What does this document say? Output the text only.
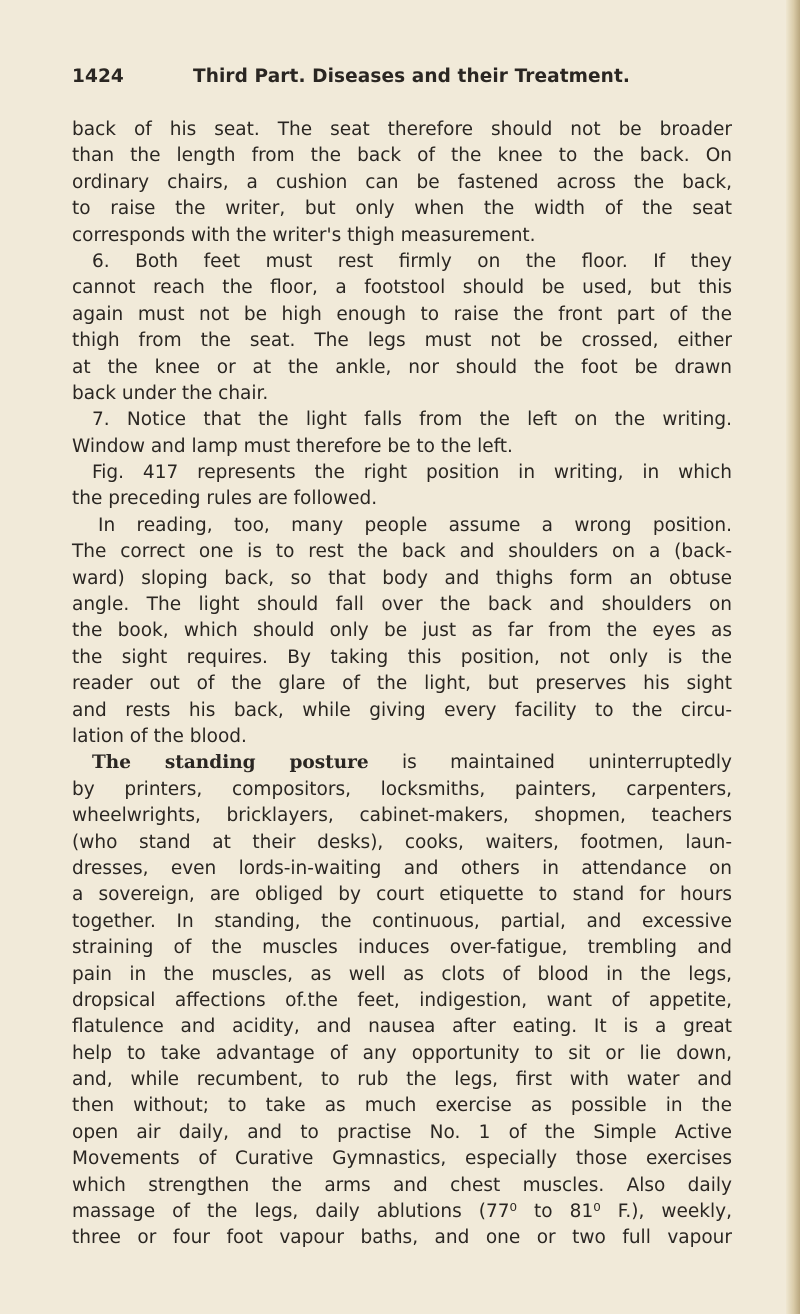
1424	Third Part. Diseases and their Treatment.
back of his seat. The seat therefore should not be broader
than the length from the back of the knee to the back. On
ordinary chairs, a cushion can be fastened across the back,
to raise the writer, but only when the width of the seat
corresponds with the writer's thigh measurement.
6. Both feet must rest firmly on the floor. If they
cannot reach the floor, a footstool should be used, but this
again must not be high enough to raise the front part of the
thigh from the seat. The legs must not be crossed, either
at the knee or at the ankle, nor should the foot be drawn
back under the chair.
7. Notice that the light falls from the left on the writing.
Window and lamp must therefore be to the left.
Fig. 417 represents the right position in writing, in which
the preceding rules are followed.
In reading, too, many people assume a wrong position.
The correct one is to rest the back and shoulders on a (back-
ward) sloping back, so that body and thighs form an obtuse
angle. The light should fall over the back and shoulders on
the book, which should only be just as far from the eyes as
the sight requires. By taking this position, not only is the
reader out of the glare of the light, but preserves his sight
and rests his back, while giving every facility to the circu-
lation of the blood.
The standing posture is maintained uninterruptedly
by printers, compositors, locksmiths, painters, carpenters,
wheelwrights, bricklayers, cabinet-makers, shopmen, teachers
(who stand at their desks), cooks, waiters, footmen, laun-
dresses, even lords-in-waiting and others in attendance on
a sovereign, are obliged by court etiquette to stand for hours
together. In standing, the continuous, partial, and excessive
straining of the muscles induces over-fatigue, trembling and
pain in the muscles, as well as clots of blood in the legs,
dropsical affections of.the feet, indigestion, want of appetite,
flatulence and acidity, and nausea after eating. It is a great
help to take advantage of any opportunity to sit or lie down,
and, while recumbent, to rub the legs, first with water and
then without; to take as much exercise as possible in the
open air daily, and to practise No. 1 of the Simple Active
Movements of Curative Gymnastics, especially those exercises
which strengthen the arms and chest muscles. Also daily
massage of the legs, daily ablutions (77⁰ to 81⁰ F.), weekly,
three or four foot vapour baths, and one or two full vapour
